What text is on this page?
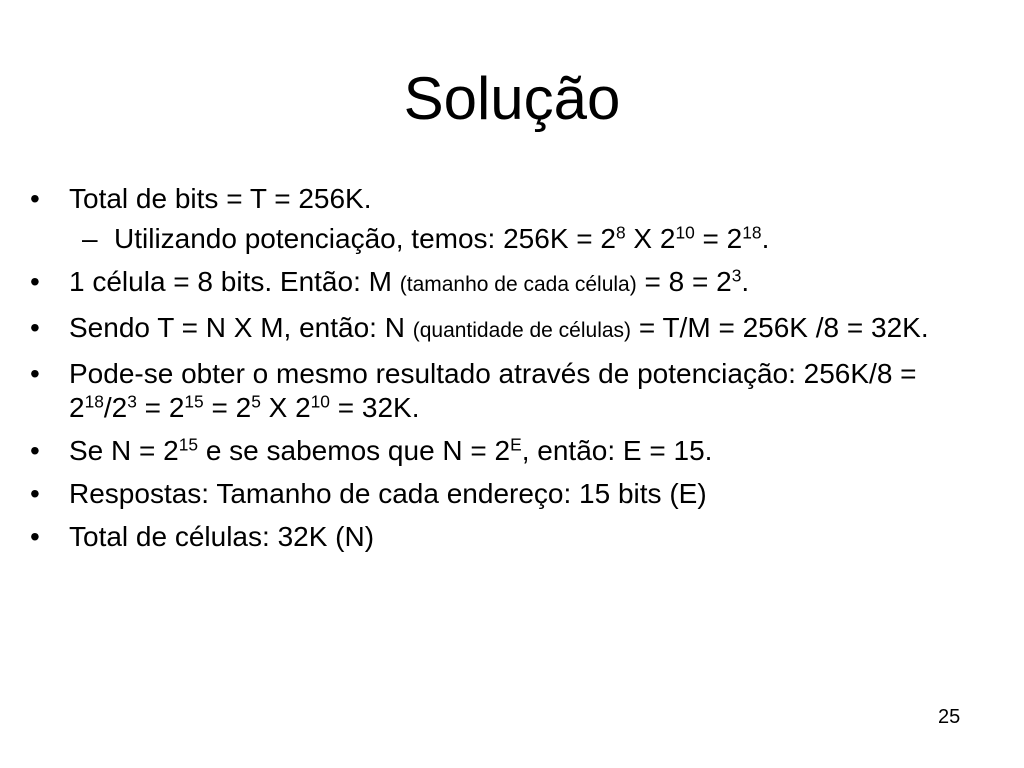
Solução
• Total de bits = T = 256K.
– Utilizando potenciação, temos: $256K = 2^8$ X $2^{10} = 2^{18}$.
• 1 célula = 8 bits. Então: M (tamanho de cada célula) = $8 = 2^3$.
• Sendo T = N X M, então: N (quantidade de células) = T/M = 256K /8 = 32K.
• Pode-se obter o mesmo resultado através de potenciação: $256K/8 = 2^{18}/2^3 = 2^{15} = 2^5$ X $2^{10} = 32K$.
• Se $N = 2^{15}$ e se sabemos que $N = 2^E$, então: E = 15.
• Respostas: Tamanho de cada endereço: 15 bits (E)
• Total de células: 32K (N)
25
